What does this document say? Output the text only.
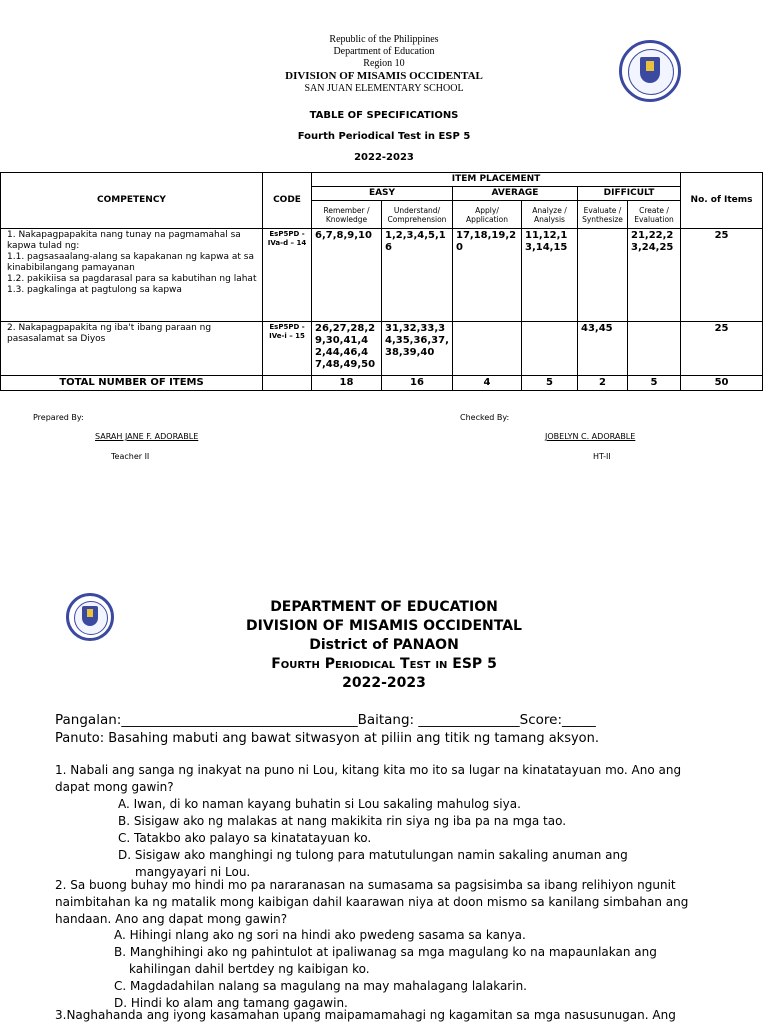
Republic of the Philippines
Department of Education
Region 10
DIVISION OF MISAMIS OCCIDENTAL
SAN JUAN ELEMENTARY SCHOOL
TABLE OF SPECIFICATIONS
Fourth Periodical Test in ESP 5
2022-2023
COMPETENCY	CODE	ITEM PLACEMENT						No. of Items
		EASY		AVERAGE		DIFFICULT		
		Remember / Knowledge	Understand/ Comprehension	Apply/ Application	Analyze / Analysis	Evaluate / Synthesize	Create / Evaluation	

1. Nakapagpapakita nang tunay na pagmamahal sa kapwa tulad ng:
1.1. pagsasaalang-alang sa kapakanan ng kapwa at sa kinabibilangang pamayanan
1.2. pakikiisa sa pagdarasal para sa kabutihan ng lahat
1.3. pagkalinga at pagtulong sa kapwa	EsP5PD - IVa-d – 14	6,7,8,9,10	1,2,3,4,5,16	17,18,19,20	11,12,13,14,15		21,22,23,24,25	25

2. Nakapagpapakita ng iba't ibang paraan ng pasasalamat sa Diyos	EsP5PD - IVe-i – 15	26,27,28,29,30,41,42,44,46,47,48,49,50	31,32,33,34,35,36,37,38,39,40			43,45		25
TOTAL NUMBER OF ITEMS		18	16	4	5	2	5	50
Prepared By:
SARAH JANE F. ADORABLE
Teacher II
Checked By:
JOBELYN C. ADORABLE
HT-II
DEPARTMENT OF EDUCATION
DIVISION OF MISAMIS OCCIDENTAL
District of PANAON
Fourth Periodical Test in ESP 5
2022-2023
Pangalan:___________________________________Baitang: _______________Score:_____
Panuto: Basahing mabuti ang bawat sitwasyon at piliin ang titik ng tamang aksyon.
1. Nabali ang sanga ng inakyat na puno ni Lou, kitang kita mo ito sa lugar na kinatatayuan mo. Ano ang
dapat mong gawin?
A. Iwan, di ko naman kayang buhatin si Lou sakaling mahulog siya.
B. Sisigaw ako ng malakas at nang makikita rin siya ng iba pa na mga tao.
C. Tatakbo ako palayo sa kinatatayuan ko.
D. Sisigaw ako manghingi ng tulong para matutulungan namin sakaling anuman ang
mangyayari ni Lou.
2. Sa buong buhay mo hindi mo pa nararanasan na sumasama sa pagsisimba sa ibang relihiyon ngunit
naimbitahan ka ng matalik mong kaibigan dahil kaarawan niya at doon mismo sa kanilang simbahan ang
handaan. Ano ang dapat mong gawin?
A. Hihingi nlang ako ng sori na hindi ako pwedeng sasama sa kanya.
B. Manghihingi ako ng pahintulot at ipaliwanag sa mga magulang ko na mapaunlakan ang
kahilingan dahil bertdey ng kaibigan ko.
C. Magdadahilan nalang sa magulang na may mahalagang lalakarin.
D. Hindi ko alam ang tamang gagawin.
3.Naghahanda ang iyong kasamahan upang maipamamahagi ng kagamitan sa mga nasusunugan. Ang
